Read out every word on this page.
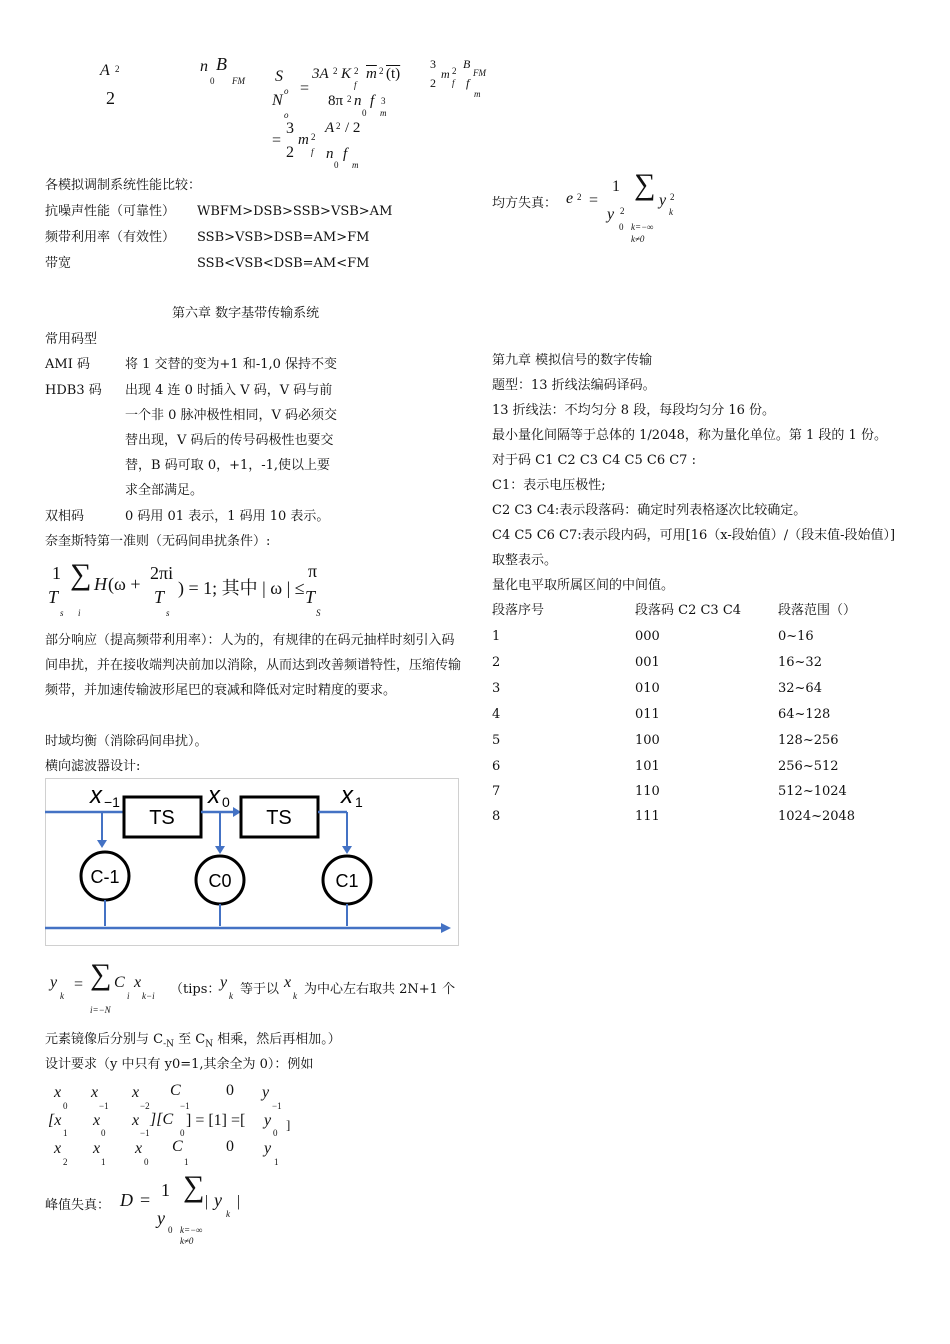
A 2
2
n B
0 FM S
o
N
o
=
3A 2 K 2
f
$\overline{m}$ 2 (t)
8π 2 n
0
f
m
3
=
3
2
m 2
f
A 2 / 2
n
0
f
m
3
2
m 2
f
B
FM
f
m
各模拟调制系统性能比较：
抗噪声性能（可靠性） WBFM>DSB>SSB>VSB>AM
频带利用率（有效性） SSB>VSB>DSB=AM>FM
带宽	SSB<VSB<DSB=AM<FM
均方失真： e 2 =
1
y 2
0
∑ y 2
k
k=−∞
k≠0
第六章 数字基带传输系统
常用码型
AMI 码	将 1 交替的变为+1 和-1,0 保持不变
HDB3 码 出现 4 连 0 时插入 V 码，V 码与前一个非 0 脉冲极性相同，V 码必须交替出现，V 码后的传号码极性也要交替，B 码可取 0，+1，-1,使以上要求全部满足。
双相码	0 码用 01 表示，1 码用 10 表示。
奈奎斯特第一准则（无码间串扰条件）:
1
T
s
∑
i
H (ω +
2πi
T
s
) = 1; 其中 | ω | ≤
π
T
S
部分响应（提高频带利用率）：人为的，有规律的在码元抽样时刻引入码间串扰，并在接收端判决前加以消除，从而达到改善频谱特性，压缩传输频带，并加速传输波形尾巴的衰减和降低对定时精度的要求。
时域均衡（消除码间串扰）。
横向滤波器设计:
TS	TS
C-1	C0	C1
x −1	x 0	x 1
y
k
= ∑
i=−N
C
i
x
k−i （tips： y
k 等于以 x
k 为中心左右取共 2N+1 个
元素镜像后分别与 $C_{-N}$ 至 $C_N$ 相乘，然后再相加。）
设计要求（y 中只有 y0=1,其余全为 0）：例如
x
0
x
−1
x
−2
C
−1
0 y
−1
[x
1
x
0
x
−1
][C
0
] = [1] =[ y
0
]
x
2
x
1
x
0
C
1
0 y
1
峰值失真： D = 1
y
0
∑
k=−∞
k≠0
| y
k
|
第九章 模拟信号的数字传输
题型：13 折线法编码译码。
13 折线法：不均匀分 8 段，每段均匀分 16 份。
最小量化间隔等于总体的 1/2048，称为量化单位。第 1 段的 1 份。
对于码 C1 C2 C3 C4 C5 C6 C7 :
C1：表示电压极性;
C2 C3 C4:表示段落码：确定时列表格逐次比较确定。
C4 C5 C6 C7:表示段内码，可用[16（x-段始值）/（段末值-段始值）]
取整表示。
量化电平取所属区间的中间值。
段落序号	段落码 C2 C3 C4	段落范围（）
1	000	0~16
2	001	16~32
3	010	32~64
4	011	64~128
5	100	128~256
6	101	256~512
7	110	512~1024
8	111	1024~2048
